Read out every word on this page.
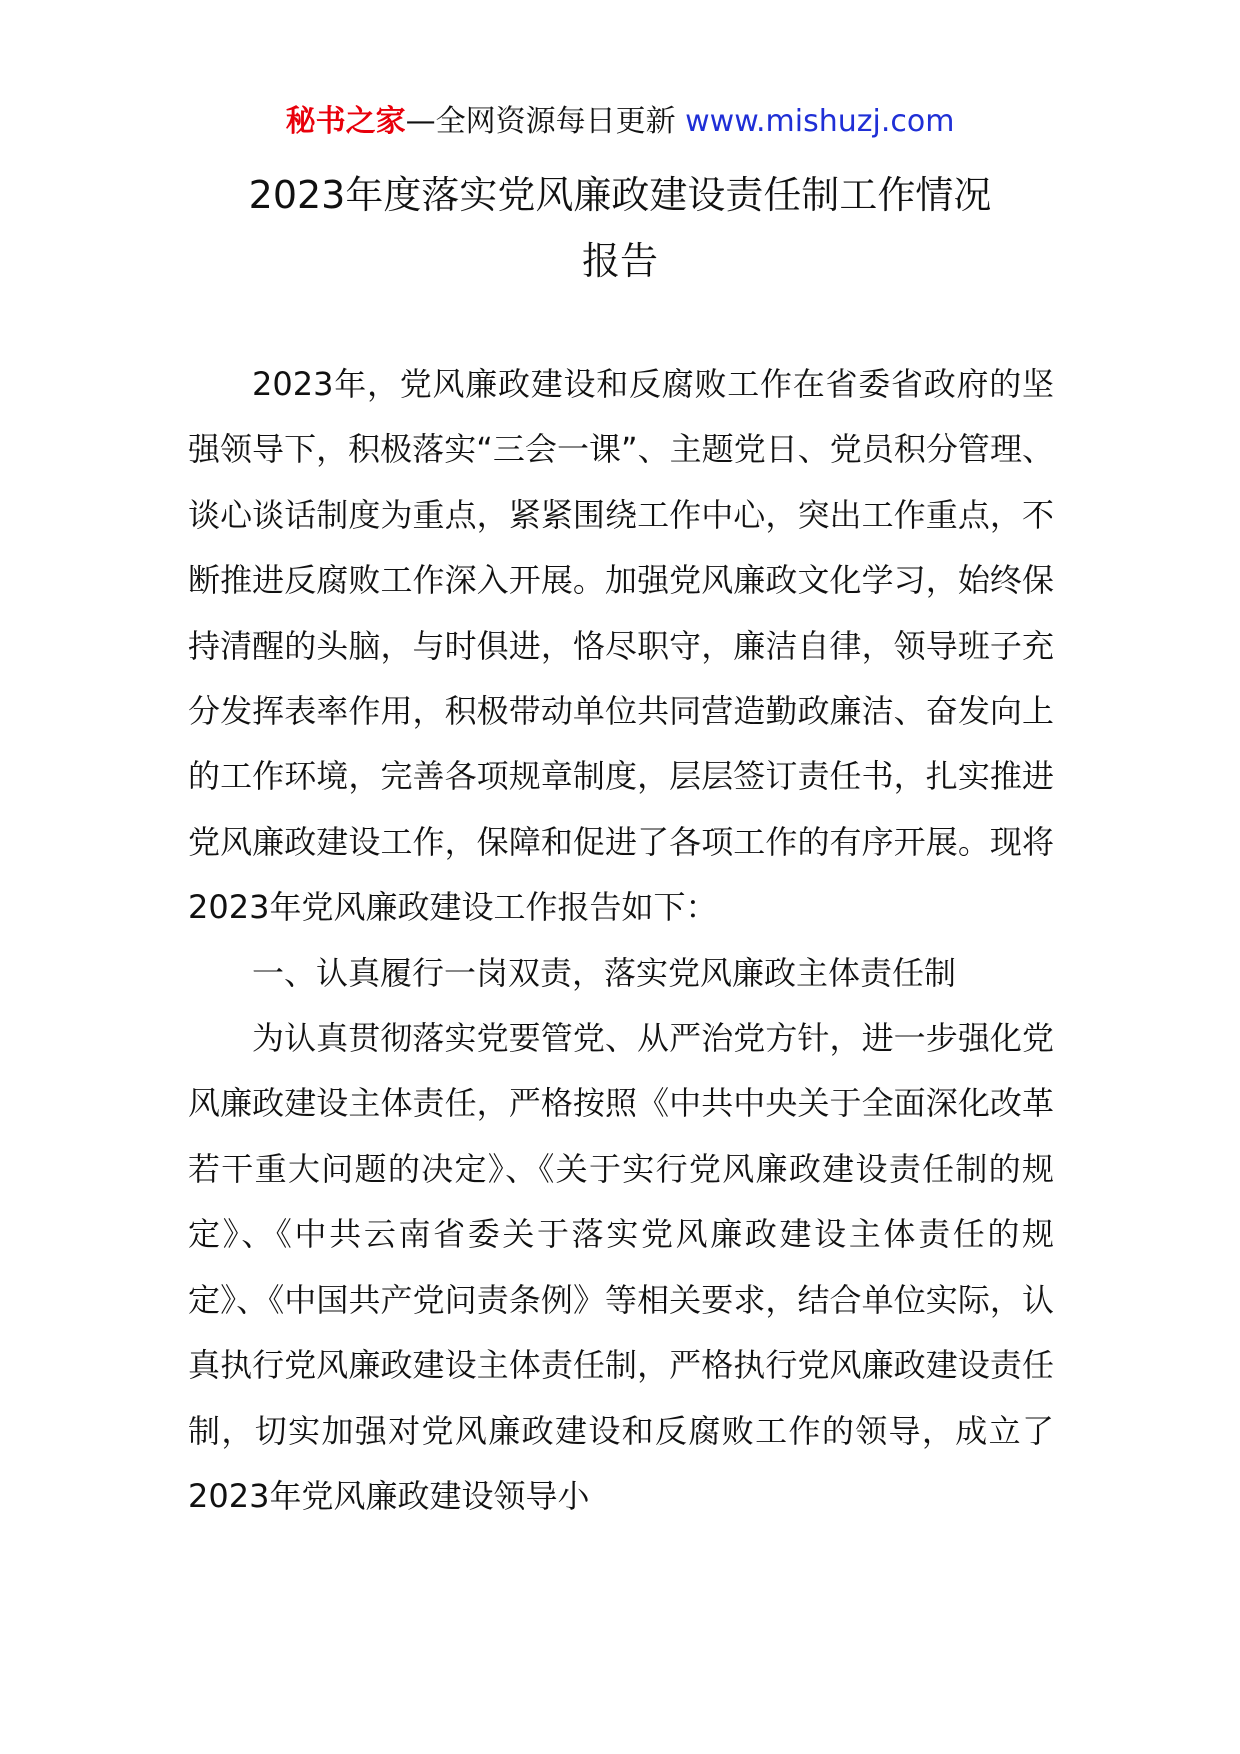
秘书之家—全网资源每日更新 www.mishuzj.com
2023年度落实党风廉政建设责任制工作情况
报告

2023年，党风廉政建设和反腐败工作在省委省政府的坚强领导下，积极落实“三会一课”、主题党日、党员积分管理、谈心谈话制度为重点，紧紧围绕工作中心，突出工作重点，不断推进反腐败工作深入开展。加强党风廉政文化学习，始终保持清醒的头脑，与时俱进，恪尽职守，廉洁自律，领导班子充分发挥表率作用，积极带动单位共同营造勤政廉洁、奋发向上的工作环境，完善各项规章制度，层层签订责任书，扎实推进党风廉政建设工作，保障和促进了各项工作的有序开展。现将2023年党风廉政建设工作报告如下：

一、认真履行一岗双责，落实党风廉政主体责任制

为认真贯彻落实党要管党、从严治党方针，进一步强化党风廉政建设主体责任，严格按照《中共中央关于全面深化改革若干重大问题的决定》、《关于实行党风廉政建设责任制的规定》、《中共云南省委关于落实党风廉政建设主体责任的规定》、《中国共产党问责条例》等相关要求，结合单位实际，认真执行党风廉政建设主体责任制，严格执行党风廉政建设责任制，切实加强对党风廉政建设和反腐败工作的领导，成立了2023年党风廉政建设领导小
